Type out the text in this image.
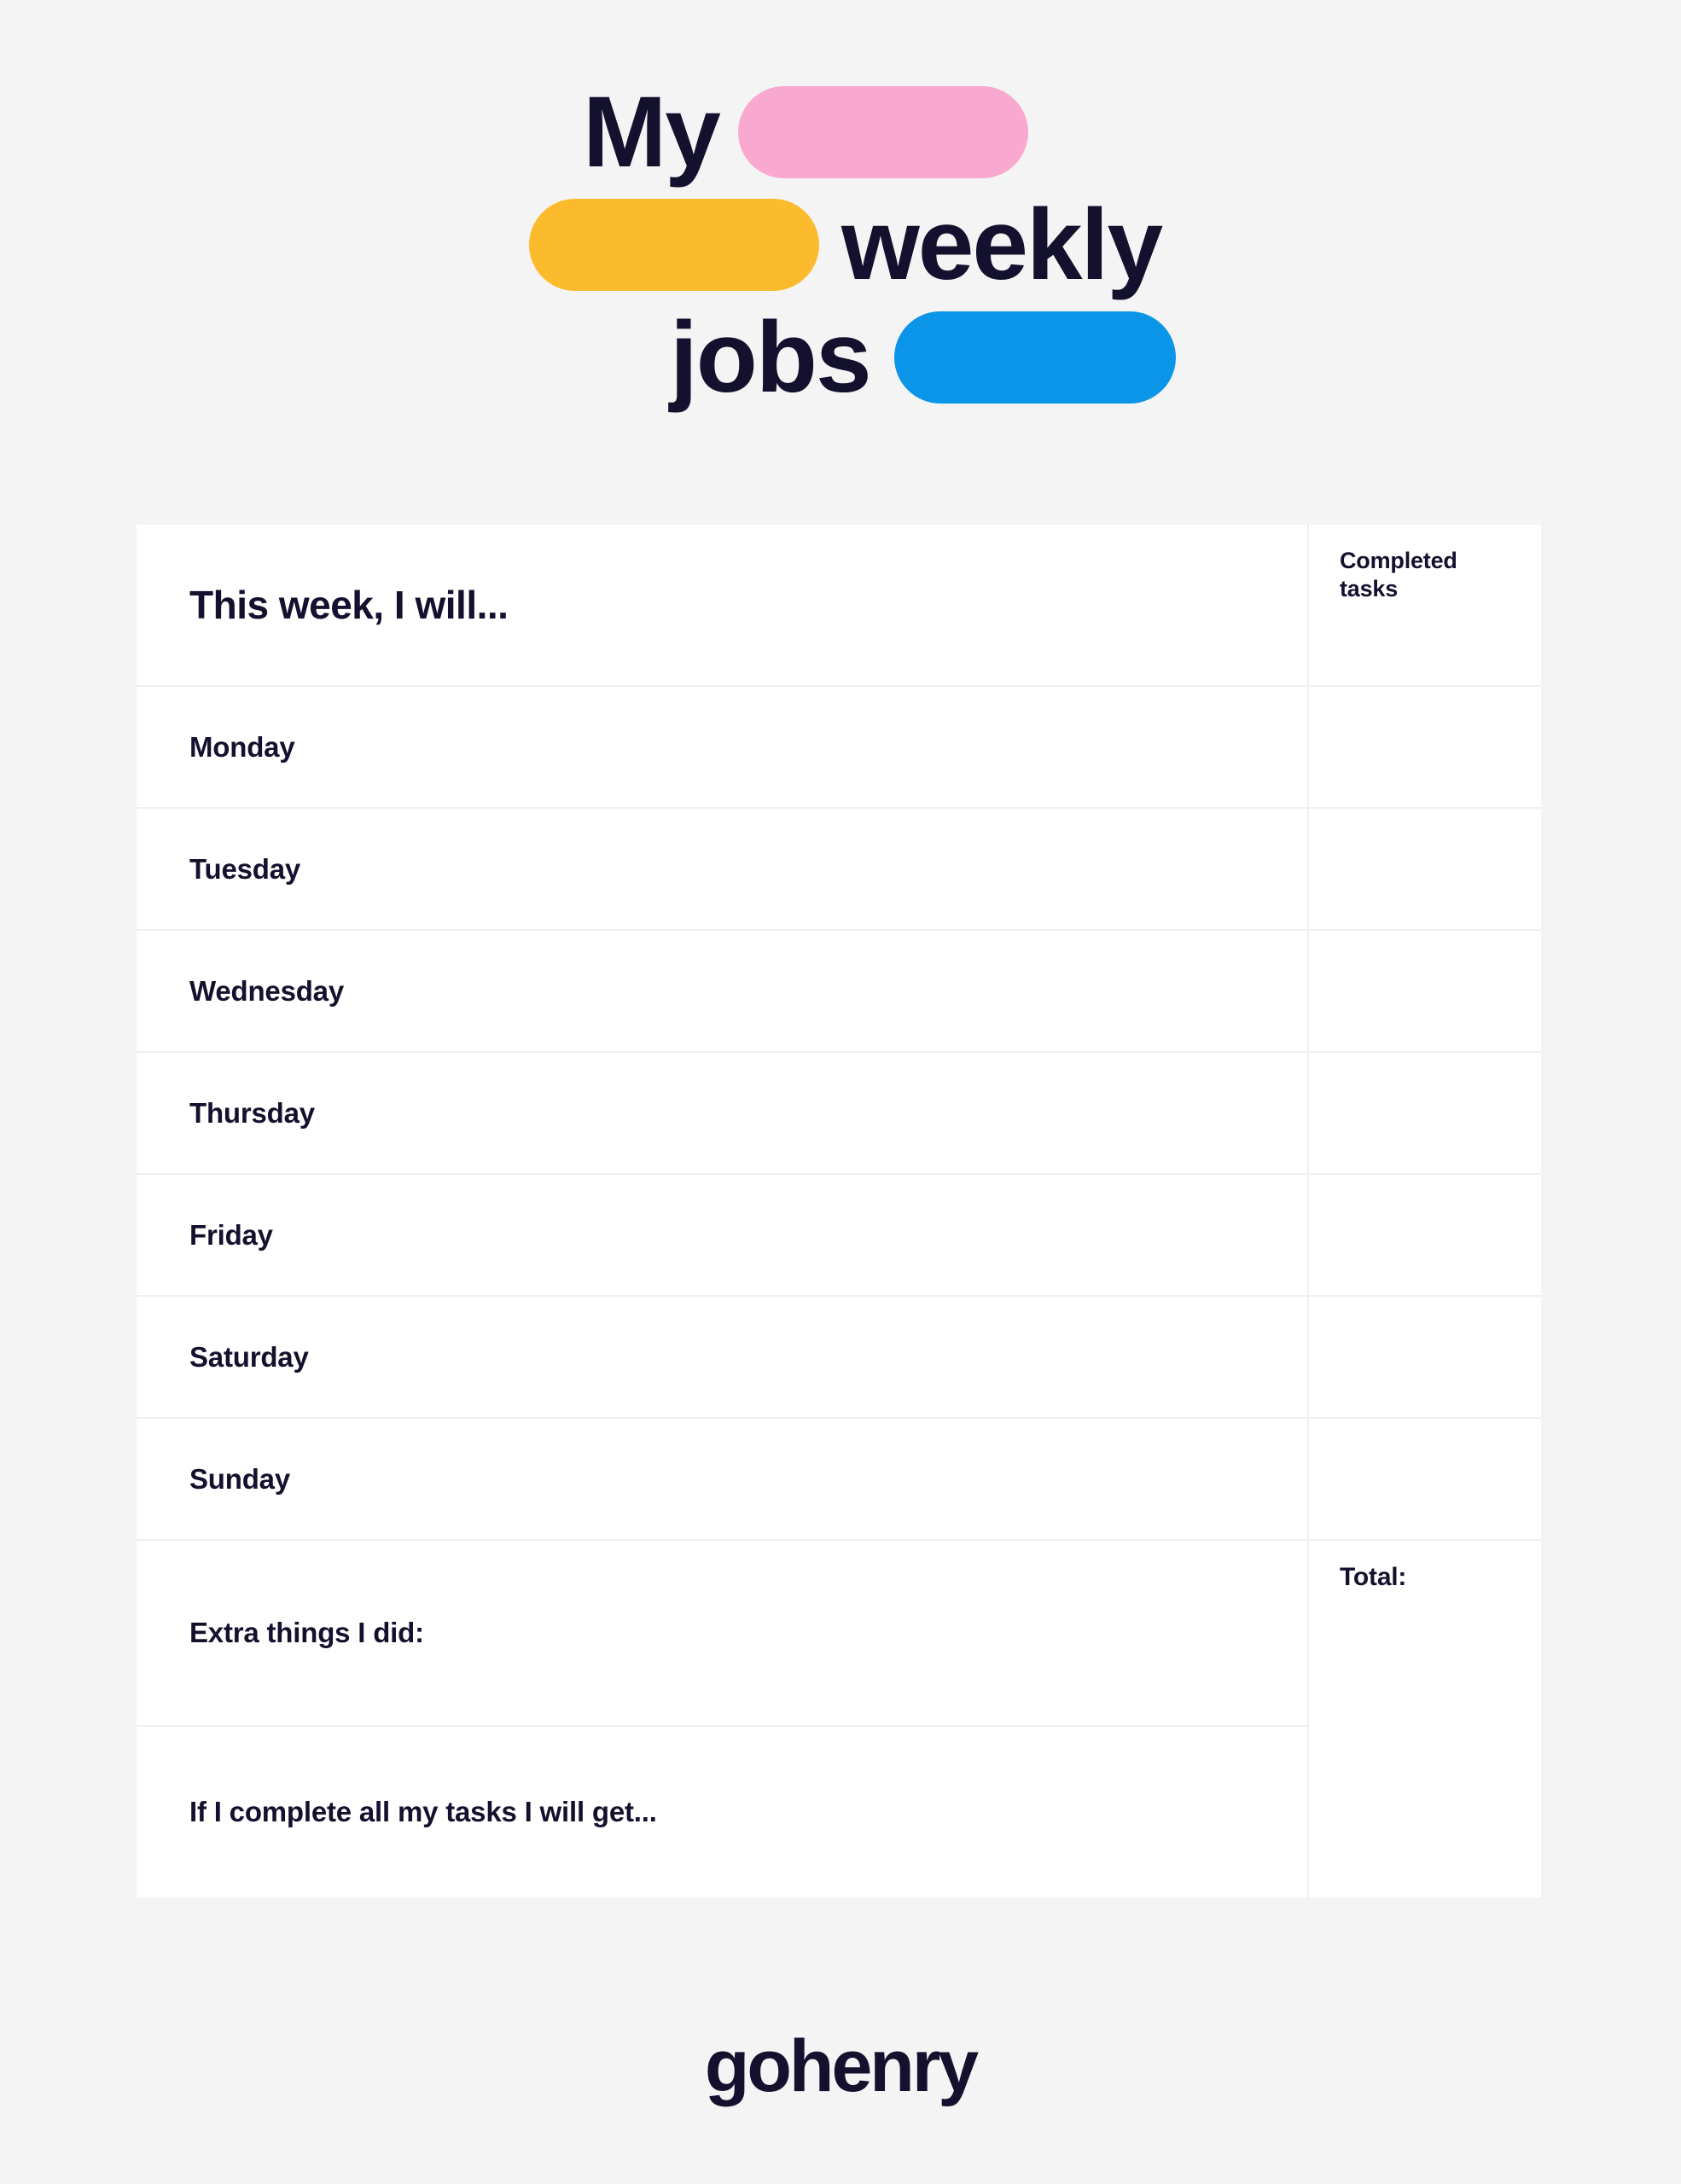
My
weekly
jobs
This week, I will...
Completed tasks
Monday
Tuesday
Wednesday
Thursday
Friday
Saturday
Sunday
Extra things I did:
If I complete all my tasks I will get...
Total:
gohenry
